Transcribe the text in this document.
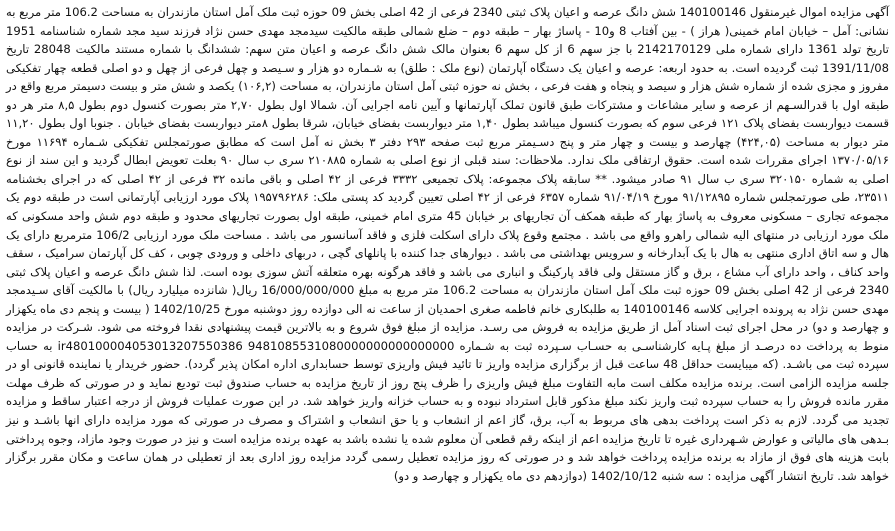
آگهی مزایده اموال غیرمنقول 140100146 شش دانگ عرصه و اعیان پلاک ثبتی 2340 فرعی از 42 اصلی بخش 09 حوزه ثبت ملک آمل استان مازندران به مساحت 106.2 متر مربع به نشانی: آمل – خیابان امام خمینی( هراز ) - بین آفتاب 8 و10 - پاساژ بهار – طبقه دوم – ضلع شمالی طبقه مالکیت سیدمجد مهدی حسن نژاد فرزند سید مجد شماره شناسنامه 1951 تاریخ تولد 1361 دارای شماره ملی 2142170129 با جز سهم 6 از کل سهم 6 بعنوان مالک شش دانگ عرصه و اعیان متن سهم: ششدانگ با شماره مستند مالکیت 28048 تاریخ 1391/11/08 ثبت گردیده است. به حدود اربعه: عرصه و اعیان یک دستگاه آپارتمان (نوع ملک : طلق) به شـماره دو هزار و سـیصد و چهل فرعی از چهل و دو اصلی قطعه چهار تفکیکی مفروز و مجزی شده از شماره شش هزار و سیصد و پنجاه و هفت فرعی ، بخش نه حوزه ثبتی آمل استان مازندران، به مساحت (۱۰۶,۲) یکصد و شش متر و بیست دسیمتر مربع واقع در طبقه اول با قدرالسـهم از عرصه و سایر مشاعات و مشترکات طبق قانون تملک آپارتمانها و آیین نامه اجرایی آن. شمالا اول بطول ۲,۷۰ متر بصورت کنسول دوم بطول ۸,۵ متر هر دو قسمت دیواربست بفضای پلاک ۱۲۱ فرعی سوم که بصورت کنسول میباشد بطول ۱,۴۰ متر دیواربست بفضای خیابان، شرقا بطول ۸متر دیواربست بفضای خیابان . جنوبا اول بطول ۱۱,۲۰ متر دیوار به مساحت (۴۲۴,۰۵) چهارصد و بیست و چهار متر و پنج دسـیمتر مربع ثبت صفحه ۲۹۳ دفتر ۳ بخش نه آمل است که مطابق صورتمجلس تفکیکی شـماره ۱۱۶۹۴ مورخ ۱۳۷۰/۰۵/۱۶ اجرای مقررات شده است. حقوق ارتفاقی ملک ندارد. ملاحظات: سند قبلی از نوع اصلی به شماره ۲۱۰۸۸۵ سری ب سال ۹۰ بعلت تعویض ابطال گردید و این سند از نوع اصلی به شماره ۳۲۰۱۵۰ سری ب سال ۹۱ صادر میشود. ** سابقه پلاک مجموعه: پلاک تجمیعی ۳۳۳۲ فرعی از ۴۲ اصلی و باقی مانده ۳۲ فرعی از ۴۲ اصلی که در اجرای بخشنامه ۲۳۵۱۱، طی صورتمجلس شماره ۹۱/۱۲۸۹۵ مورخ ۹۱/۰۴/۱۹ شماره ۶۳۵۷ فرعی از ۴۲ اصلی تعیین گردید کد پستی ملک: ۱۹۵۷۹۶۲۸۶ پلاک مورد ارزیابی آپارتمانی است در طبقه دوم یک مجموعه تجاری – مسکونی معروف به پاساژ بهار که طبقه همکف آن تجاریهای بر خیابان 45 متری امام خمینی، طبقه اول بصورت تجاریهای محدود و طبقه دوم شش واحد مسکونی که ملک مورد ارزیابی در منتهای الیه شمالی راهرو واقع می باشد . مجتمع وقوع پلاک دارای اسکلت فلزی و فاقد آسانسور می باشد . مساحت ملک مورد ارزیابی 106/2 مترمربع دارای یک هال و سه اتاق اداری منتهی به هال با یک آبدارخانه و سرویس بهداشتی می باشد . دیوارهای جدا کننده با پانلهای گچی ، دربهای داخلی و ورودی چوبی ، کف کل آپارتمان سرامیک ، سقف واحد کناف ، واحد دارای آب مشاع ، برق و گاز مستقل ولی فاقد پارکینگ و انباری می باشد و فاقد هرگونه بهره متعلقه آتش سوزی بوده است. لذا شش دانگ عرصه و اعیان پلاک ثبتی 2340 فرعی از 42 اصلی بخش 09 حوزه ثبت ملک آمل استان مازندران به مساحت 106.2 متر مربع به مبلغ 16/000/000/000 ریال( شانزده میلیارد ریال) با مالکیت آقای سـیدمجد مهدی حسن نژاد به پرونده اجرایی کلاسه 140100146 به طلبکاری خانم فاطمه صغری احمدیان از ساعت نه الی دوازده روز دوشنبه مورخ 1402/10/25 ( بیست و پنجم دی ماه یکهزار و چهارصد و دو) در محل اجرای ثبت اسناد آمل از طریق مزایده به فروش می رسـد. مزایده از مبلغ فوق شروع و به بالاترین قیمت پیشنهادی نقدا فروخته می شود. شـرکت در مزایده منوط به پرداخت ده درصـد از مبلغ پـایه کارشناسـی به حسـاب سـپرده ثبت به شـماره ir480100004053013207550386 9481085531080000000000000000 به حساب سپرده ثبت می باشـد. (که میبایست حداقل 48 ساعت قبل از برگزاری مزایده واریز تا تائید فیش واریزی توسط حسابداری اداره امکان پذیر گردد). حضور خریدار یا نماینده قانونی او در جلسه مزایده الزامی است. برنده مزایده مکلف است مابه التفاوت مبلغ فیش واریزی را ظرف پنج روز از تاریخ مزایده به حساب صندوق ثبت تودیع نماید و در صورتی که ظرف مهلت مقرر مانده فروش را به حساب سپرده ثبت واریز نکند مبلغ مذکور قابل استرداد نبوده و به حساب خزانه واریز خواهد شد. در این صورت عملیات فروش از درجه اعتبار ساقط و مزایده تجدید می گردد. لازم به ذکر است پرداخت بدهی های مربوط به آب، برق، گاز اعم از انشعاب و یا حق انشعاب و اشتراک و مصرف در صورتی که مورد مزایده دارای انها باشـد و نیز بـدهی های مالیاتی و عوارض شـهرداری غیره تا تاریخ مزایده اعم از اینکه رقم قطعی آن معلوم شده یا نشده باشد به عهده برنده مزایده است و نیز در صورت وجود مازاد، وجوه پرداختی بابت هزینه های فوق از مازاد به برنده مزایده پرداخت خواهد شد و در صورتی که روز مزایده تعطیل رسمی گردد مزایده روز اداری بعد از تعطیلی در همان ساعت و مکان مقرر برگزار خواهد شد. تاریخ انتشار آگهی مزایده : سه شنبه 1402/10/12 (دوازدهم دی ماه یکهزار و چهارصد و دو)
